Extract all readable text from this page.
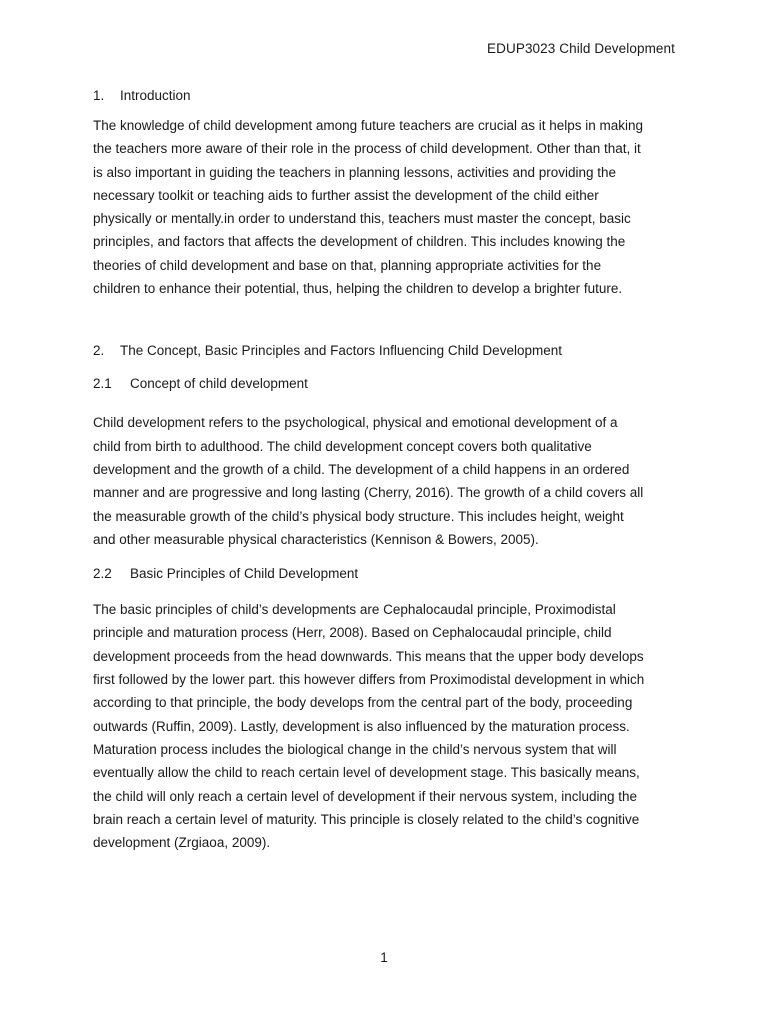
EDUP3023 Child Development
1.	Introduction

The knowledge of child development among future teachers are crucial as it helps in making
the teachers more aware of their role in the process of child development. Other than that, it
is also important in guiding the teachers in planning lessons, activities and providing the
necessary toolkit or teaching aids to further assist the development of the child either
physically or mentally.in order to understand this, teachers must master the concept, basic
principles, and factors that affects the development of children. This includes knowing the
theories of child development and base on that, planning appropriate activities for the
children to enhance their potential, thus, helping the children to develop a brighter future.

2.	The Concept, Basic Principles and Factors Influencing Child Development
2.1	Concept of child development

Child development refers to the psychological, physical and emotional development of a
child from birth to adulthood. The child development concept covers both qualitative
development and the growth of a child. The development of a child happens in an ordered
manner and are progressive and long lasting (Cherry, 2016). The growth of a child covers all
the measurable growth of the child’s physical body structure. This includes height, weight
and other measurable physical characteristics (Kennison & Bowers, 2005).

2.2	Basic Principles of Child Development

The basic principles of child’s developments are Cephalocaudal principle, Proximodistal
principle and maturation process (Herr, 2008). Based on Cephalocaudal principle, child
development proceeds from the head downwards. This means that the upper body develops
first followed by the lower part. this however differs from Proximodistal development in which
according to that principle, the body develops from the central part of the body, proceeding
outwards (Ruffin, 2009). Lastly, development is also influenced by the maturation process.
Maturation process includes the biological change in the child’s nervous system that will
eventually allow the child to reach certain level of development stage. This basically means,
the child will only reach a certain level of development if their nervous system, including the
brain reach a certain level of maturity. This principle is closely related to the child’s cognitive
development (Zrgiaoa, 2009).

1
